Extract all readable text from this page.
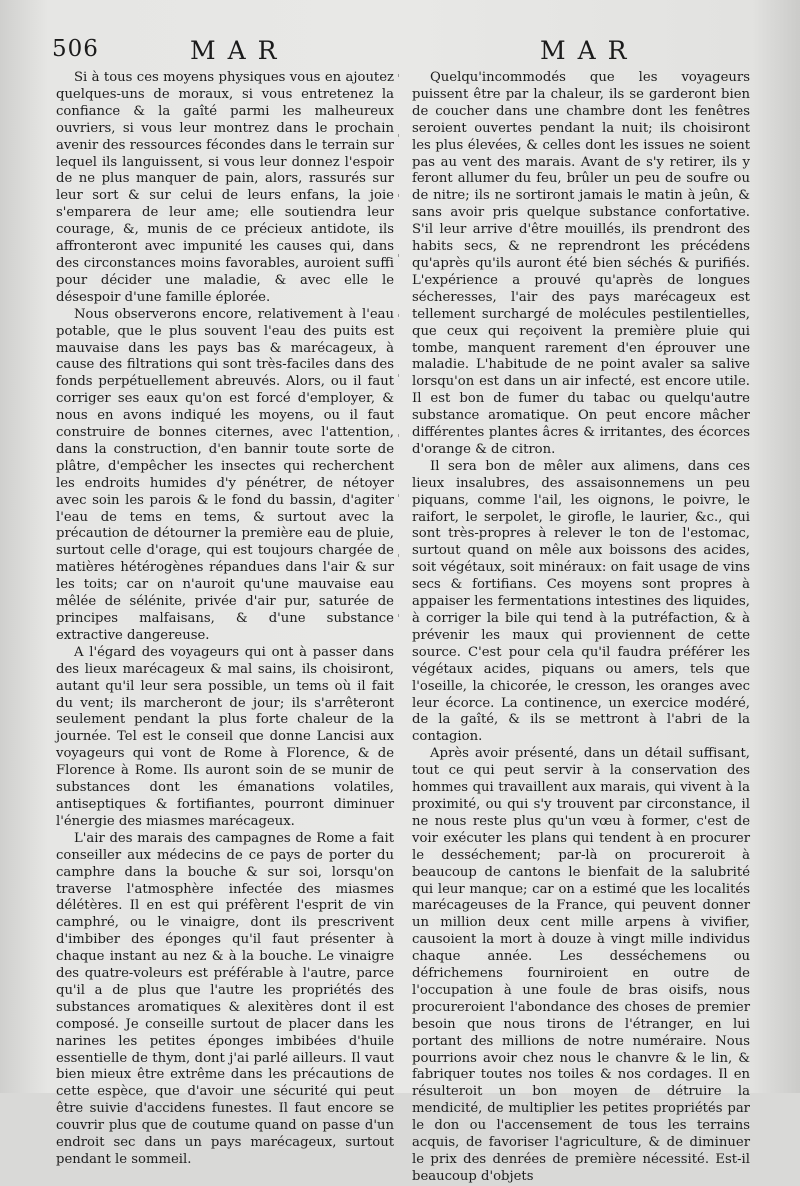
506	MAR	MAR

Si à tous ces moyens physiques vous en ajoutez quelques-uns de moraux, si vous entretenez la confiance & la gaîté parmi les malheureux ouvriers, si vous leur montrez dans le prochain avenir des ressources fécondes dans le terrain sur lequel ils languissent, si vous leur donnez l'espoir de ne plus manquer de pain, alors, rassurés sur leur sort & sur celui de leurs enfans, la joie s'emparera de leur ame; elle soutiendra leur courage, &, munis de ce précieux antidote, ils affronteront avec impunité les causes qui, dans des circonstances moins favorables, auroient suffi pour décider une maladie, & avec elle le désespoir d'une famille éplorée.

Nous observerons encore, relativement à l'eau potable, que le plus souvent l'eau des puits est mauvaise dans les pays bas & marécageux, à cause des filtrations qui sont très-faciles dans des fonds perpétuellement abreuvés. Alors, ou il faut corriger ses eaux qu'on est forcé d'employer, & nous en avons indiqué les moyens, ou il faut construire de bonnes citernes, avec l'attention, dans la construction, d'en bannir toute sorte de plâtre, d'empêcher les insectes qui recherchent les endroits humides d'y pénétrer, de nétoyer avec soin les parois & le fond du bassin, d'agiter l'eau de tems en tems, & surtout avec la précaution de détourner la première eau de pluie, surtout celle d'orage, qui est toujours chargée de matières hétérogènes répandues dans l'air & sur les toits; car on n'auroit qu'une mauvaise eau mêlée de sélénite, privée d'air pur, saturée de principes malfaisans, & d'une substance extractive dangereuse.

A l'égard des voyageurs qui ont à passer dans des lieux marécageux & mal sains, ils choisiront, autant qu'il leur sera possible, un tems où il fait du vent; ils marcheront de jour; ils s'arrêteront seulement pendant la plus forte chaleur de la journée. Tel est le conseil que donne Lancisi aux voyageurs qui vont de Rome à Florence, & de Florence à Rome. Ils auront soin de se munir de substances dont les émanations volatiles, antiseptiques & fortifiantes, pourront diminuer l'énergie des miasmes marécageux.

L'air des marais des campagnes de Rome a fait conseiller aux médecins de ce pays de porter du camphre dans la bouche & sur soi, lorsqu'on traverse l'atmosphère infectée des miasmes délétères. Il en est qui préfèrent l'esprit de vin camphré, ou le vinaigre, dont ils prescrivent d'imbiber des éponges qu'il faut présenter à chaque instant au nez & à la bouche. Le vinaigre des quatre-voleurs est préférable à l'autre, parce qu'il a de plus que l'autre les propriétés des substances aromatiques & alexitères dont il est composé. Je conseille surtout de placer dans les narines les petites éponges imbibées d'huile essentielle de thym, dont j'ai parlé ailleurs. Il vaut bien mieux être extrême dans les précautions de cette espèce, que d'avoir une sécurité qui peut être suivie d'accidens funestes. Il faut encore se couvrir plus que de coutume quand on passe d'un endroit sec dans un pays marécageux, surtout pendant le sommeil.

Quelqu'incommodés que les voyageurs puissent être par la chaleur, ils se garderont bien de coucher dans une chambre dont les fenêtres seroient ouvertes pendant la nuit; ils choisiront les plus élevées, & celles dont les issues ne soient pas au vent des marais. Avant de s'y retirer, ils y feront allumer du feu, brûler un peu de soufre ou de nitre; ils ne sortiront jamais le matin à jeûn, & sans avoir pris quelque substance confortative. S'il leur arrive d'être mouillés, ils prendront des habits secs, & ne reprendront les précédens qu'après qu'ils auront été bien séchés & purifiés. L'expérience a prouvé qu'après de longues sécheresses, l'air des pays marécageux est tellement surchargé de molécules pestilentielles, que ceux qui reçoivent la première pluie qui tombe, manquent rarement d'en éprouver une maladie. L'habitude de ne point avaler sa salive lorsqu'on est dans un air infecté, est encore utile. Il est bon de fumer du tabac ou quelqu'autre substance aromatique. On peut encore mâcher différentes plantes âcres & irritantes, des écorces d'orange & de citron.

Il sera bon de mêler aux alimens, dans ces lieux insalubres, des assaisonnemens un peu piquans, comme l'ail, les oignons, le poivre, le raifort, le serpolet, le girofle, le laurier, &c., qui sont très-propres à relever le ton de l'estomac, surtout quand on mêle aux boissons des acides, soit végétaux, soit minéraux: on fait usage de vins secs & fortifians. Ces moyens sont propres à appaiser les fermentations intestines des liquides, à corriger la bile qui tend à la putréfaction, & à prévenir les maux qui proviennent de cette source. C'est pour cela qu'il faudra préférer les végétaux acides, piquans ou amers, tels que l'oseille, la chicorée, le cresson, les oranges avec leur écorce. La continence, un exercice modéré, de la gaîté, & ils se mettront à l'abri de la contagion.

Après avoir présenté, dans un détail suffisant, tout ce qui peut servir à la conservation des hommes qui travaillent aux marais, qui vivent à la proximité, ou qui s'y trouvent par circonstance, il ne nous reste plus qu'un vœu à former, c'est de voir exécuter les plans qui tendent à en procurer le desséchement; par-là on procureroit à beaucoup de cantons le bienfait de la salubrité qui leur manque; car on a estimé que les localités marécageuses de la France, qui peuvent donner un million deux cent mille arpens à vivifier, causoient la mort à douze à vingt mille individus chaque année. Les desséchemens ou défrichemens fourniroient en outre de l'occupation à une foule de bras oisifs, nous procureroient l'abondance des choses de premier besoin que nous tirons de l'étranger, en lui portant des millions de notre numéraire. Nous pourrions avoir chez nous le chanvre & le lin, & fabriquer toutes nos toiles & nos cordages. Il en résulteroit un bon moyen de détruire la mendicité, de multiplier les petites propriétés par le don ou l'accensement de tous les terrains acquis, de favoriser l'agriculture, & de diminuer le prix des denrées de première nécessité. Est-il beaucoup d'objets
